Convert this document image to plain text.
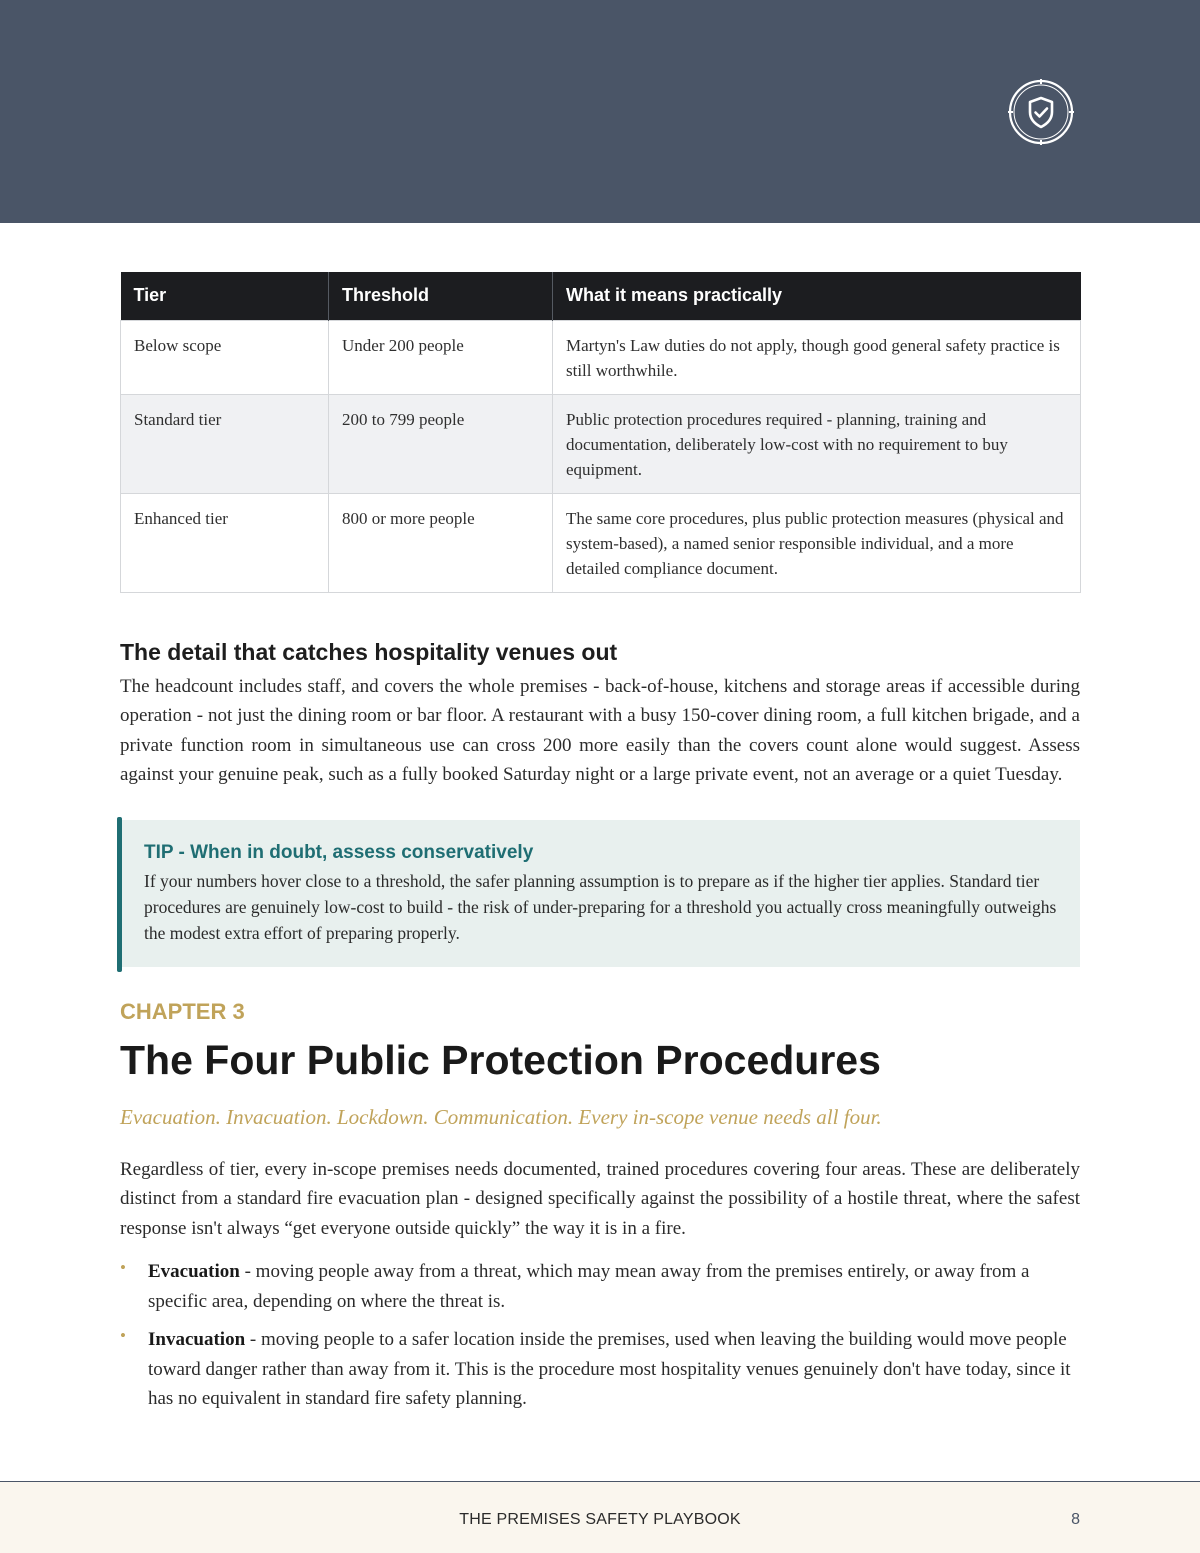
Tier	Threshold	What it means practically
Below scope	Under 200 people	Martyn's Law duties do not apply, though good general safety practice is still worthwhile.
Standard tier	200 to 799 people	Public protection procedures required - planning, training and documentation, deliberately low-cost with no requirement to buy equipment.
Enhanced tier	800 or more people	The same core procedures, plus public protection measures (physical and system-based), a named senior responsible individual, and a more detailed compliance document.
The detail that catches hospitality venues out

The headcount includes staff, and covers the whole premises - back-of-house, kitchens and storage areas if accessible during operation - not just the dining room or bar floor. A restaurant with a busy 150-cover dining room, a full kitchen brigade, and a private function room in simultaneous use can cross 200 more easily than the covers count alone would suggest. Assess against your genuine peak, such as a fully booked Saturday night or a large private event, not an average or a quiet Tuesday.

TIP - When in doubt, assess conservatively
If your numbers hover close to a threshold, the safer planning assumption is to prepare as if the higher tier applies. Standard tier procedures are genuinely low-cost to build - the risk of under-preparing for a threshold you actually cross meaningfully outweighs the modest extra effort of preparing properly.
CHAPTER 3
The Four Public Protection Procedures
Evacuation. Invacuation. Lockdown. Communication. Every in-scope venue needs all four.

Regardless of tier, every in-scope premises needs documented, trained procedures covering four areas. These are deliberately distinct from a standard fire evacuation plan - designed specifically against the possibility of a hostile threat, where the safest response isn't always “get everyone outside quickly” the way it is in a fire.

• Evacuation - moving people away from a threat, which may mean away from the premises entirely, or away from a specific area, depending on where the threat is.
• Invacuation - moving people to a safer location inside the premises, used when leaving the building would move people toward danger rather than away from it. This is the procedure most hospitality venues genuinely don't have today, since it has no equivalent in standard fire safety planning.
THE PREMISES SAFETY PLAYBOOK	8
